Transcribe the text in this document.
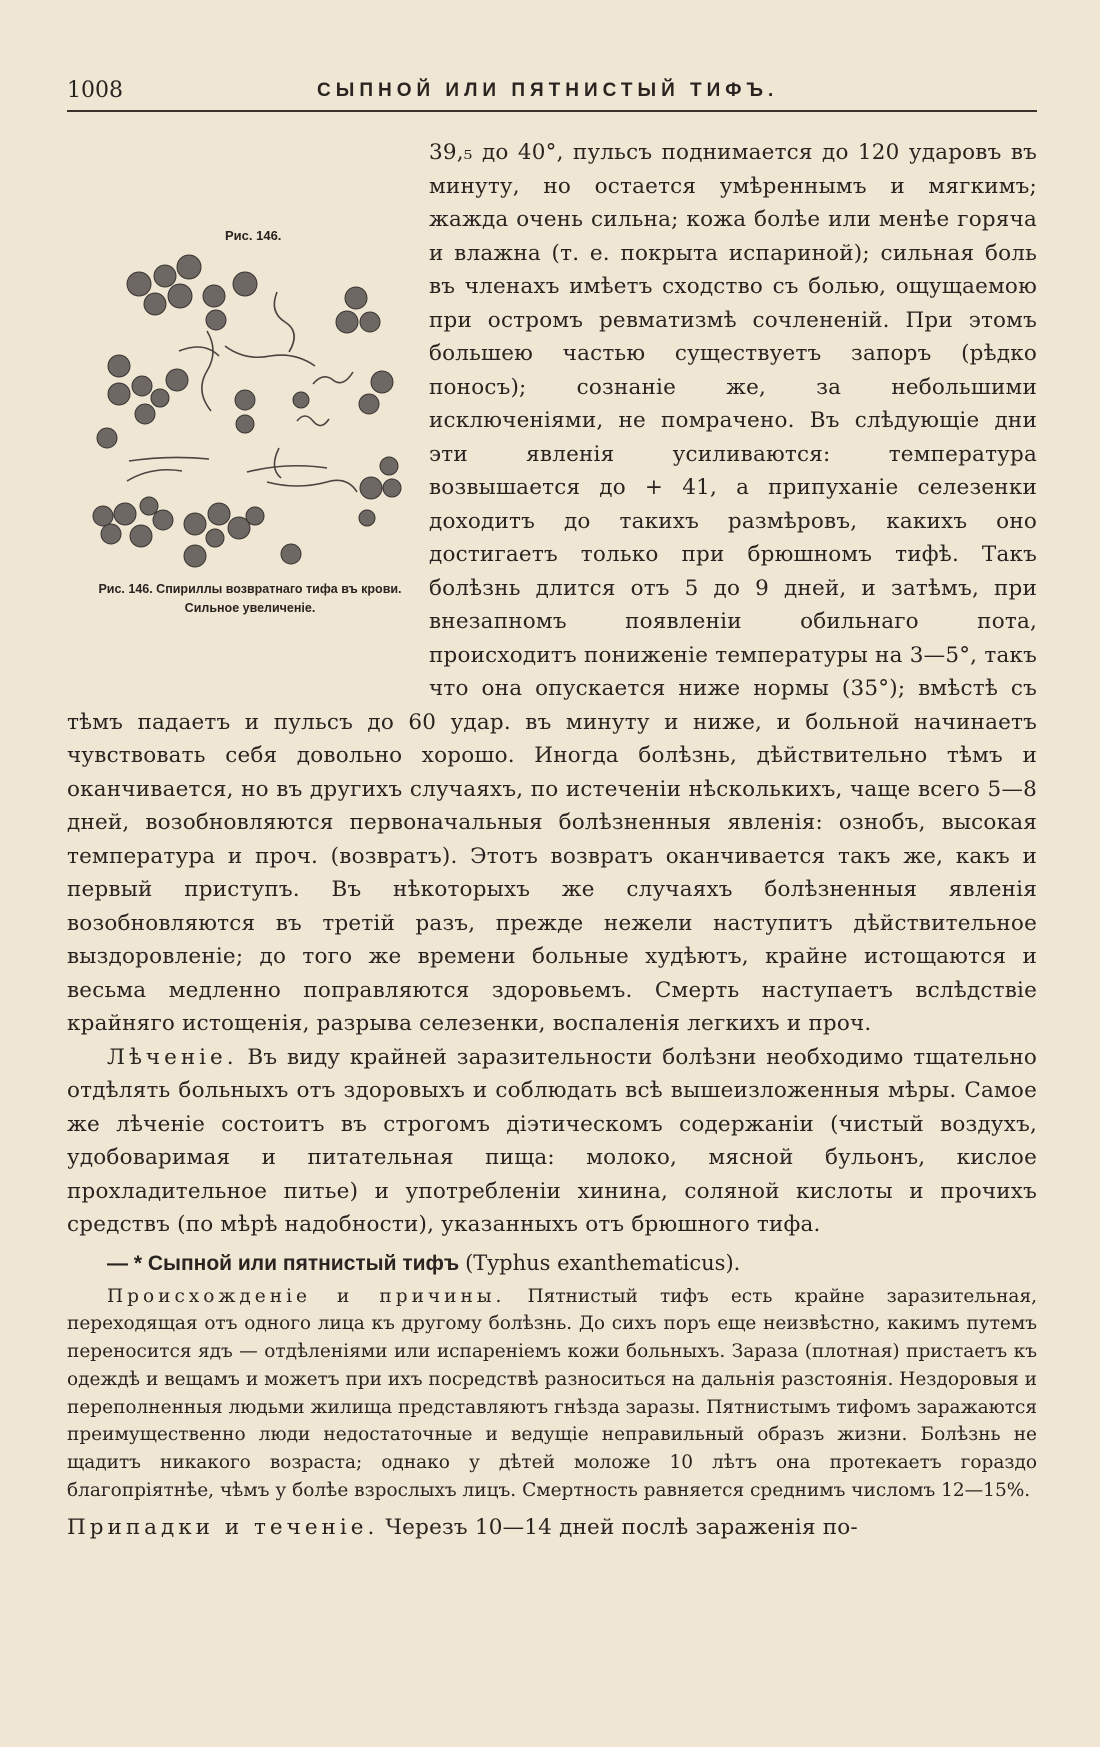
1008	СЫПНОЙ ИЛИ ПЯТНИСТЫЙ ТИФЪ.
Рис. 146.
Рис. 146. Спириллы возвратнаго тифа въ крови. Сильное увеличеніе.

39,₅ до 40°, пульсъ поднимается до 120 ударовъ въ минуту, но остается умѣреннымъ и мягкимъ; жажда очень сильна; кожа болѣе или менѣе горяча и влажна (т. е. покрыта испариной); сильная боль въ членахъ имѣетъ сходство съ болью, ощущаемою при остромъ ревматизмѣ сочлененій. При этомъ большею частью существуетъ запоръ (рѣдко поносъ); сознаніе же, за небольшими исключеніями, не помрачено. Въ слѣдующіе дни эти явленія усиливаются: температура возвышается до + 41, а припуханіе селезенки доходитъ до такихъ размѣровъ, какихъ оно достигаетъ только при брюшномъ тифѣ. Такъ болѣзнь длится отъ 5 до 9 дней, и затѣмъ, при внезапномъ появленіи обильнаго пота, происходитъ пониженіе температуры на 3—5°, такъ что она опускается ниже нормы (35°); вмѣстѣ съ тѣмъ падаетъ и пульсъ до 60 удар. въ минуту и ниже, и больной начинаетъ чувствовать себя довольно хорошо. Иногда болѣзнь, дѣйствительно тѣмъ и оканчивается, но въ другихъ случаяхъ, по истеченіи нѣсколькихъ, чаще всего 5—8 дней, возобновляются первоначальныя болѣзненныя явленія: ознобъ, высокая температура и проч. (возвратъ). Этотъ возвратъ оканчивается такъ же, какъ и первый приступъ. Въ нѣкоторыхъ же случаяхъ болѣзненныя явленія возобновляются въ третій разъ, прежде нежели наступитъ дѣйствительное выздоровленіе; до того же времени больные худѣютъ, крайне истощаются и весьма медленно поправляются здоровьемъ. Смерть наступаетъ вслѣдствіе крайняго истощенія, разрыва селезенки, воспаленія легкихъ и проч.

Лѣченіе. Въ виду крайней заразительности болѣзни необходимо тщательно отдѣлять больныхъ отъ здоровыхъ и соблюдать всѣ вышеизложенныя мѣры. Самое же лѣченіе состоитъ въ строгомъ діэтическомъ содержаніи (чистый воздухъ, удобоваримая и питательная пища: молоко, мясной бульонъ, кислое прохладительное питье) и употребленіи хинина, соляной кислоты и прочихъ средствъ (по мѣрѣ надобности), указанныхъ отъ брюшного тифа.

— * Сыпной или пятнистый тифъ (Typhus exanthematicus).

Происхожденіе и причины. Пятнистый тифъ есть крайне заразительная, переходящая отъ одного лица къ другому болѣзнь. До сихъ поръ еще неизвѣстно, какимъ путемъ переносится ядъ — отдѣленіями или испареніемъ кожи больныхъ. Зараза (плотная) пристаетъ къ одеждѣ и вещамъ и можетъ при ихъ посредствѣ разноситься на дальнія разстоянія. Нездоровыя и переполненныя людьми жилища представляютъ гнѣзда заразы. Пятнистымъ тифомъ заражаются преимущественно люди недостаточные и ведущіе неправильный образъ жизни. Болѣзнь не щадитъ никакого возраста; однако у дѣтей моложе 10 лѣтъ она протекаетъ гораздо благопріятнѣе, чѣмъ у болѣе взрослыхъ лицъ. Смертность равняется среднимъ числомъ 12—15%.

Припадки и теченіе. Черезъ 10—14 дней послѣ зараженія по-
